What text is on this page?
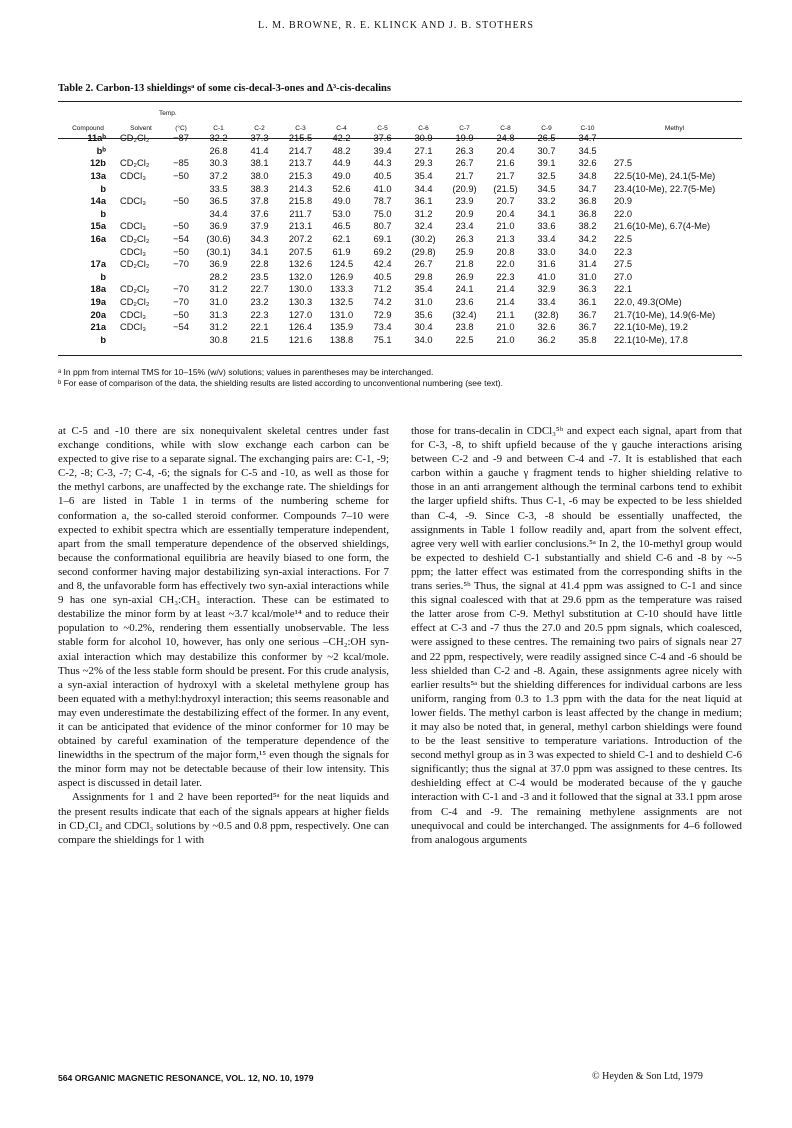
L. M. BROWNE, R. E. KLINCK AND J. B. STOTHERS
Table 2. Carbon-13 shieldingsᵃ of some cis-decal-3-ones and Δ³-cis-decalins
Temp.
Compound	Solvent	(°C)	C-1	C-2	C-3	C-4	C-5	C-6	C-7	C-8	C-9	C-10	Methyl
11aᵇ	CD₂Cl₂	−87	32.2	37.3	215.5	42.2	37.6	30.9	19.9	24.8	26.5	34.7	
bᵇ			26.8	41.4	214.7	48.2	39.4	27.1	26.3	20.4	30.7	34.5	
12b	CD₂Cl₂	−85	30.3	38.1	213.7	44.9	44.3	29.3	26.7	21.6	39.1	32.6	27.5
13a	CDCl₃	−50	37.2	38.0	215.3	49.0	40.5	35.4	21.7	21.7	32.5	34.8	22.5(10-Me), 24.1(5-Me)
b			33.5	38.3	214.3	52.6	41.0	34.4	(20.9)	(21.5)	34.5	34.7	23.4(10-Me), 22.7(5-Me)
14a	CDCl₃	−50	36.5	37.8	215.8	49.0	78.7	36.1	23.9	20.7	33.2	36.8	20.9
b			34.4	37.6	211.7	53.0	75.0	31.2	20.9	20.4	34.1	36.8	22.0
15a	CDCl₃	−50	36.9	37.9	213.1	46.5	80.7	32.4	23.4	21.0	33.6	38.2	21.6(10-Me), 6.7(4-Me)
16a	CD₂Cl₂	−54	(30.6)	34.3	207.2	62.1	69.1	(30.2)	26.3	21.3	33.4	34.2	22.5
	CDCl₃	−50	(30.1)	34.1	207.5	61.9	69.2	(29.8)	25.9	20.8	33.0	34.0	22.3
17a	CD₂Cl₂	−70	36.9	22.8	132.6	124.5	42.4	26.7	21.8	22.0	31.6	31.4	27.5
b			28.2	23.5	132.0	126.9	40.5	29.8	26.9	22.3	41.0	31.0	27.0
18a	CD₂Cl₂	−70	31.2	22.7	130.0	133.3	71.2	35.4	24.1	21.4	32.9	36.3	22.1
19a	CD₂Cl₂	−70	31.0	23.2	130.3	132.5	74.2	31.0	23.6	21.4	33.4	36.1	22.0, 49.3(OMe)
20a	CDCl₃	−50	31.3	22.3	127.0	131.0	72.9	35.6	(32.4)	21.1	(32.8)	36.7	21.7(10-Me), 14.9(6-Me)
21a	CDCl₃	−54	31.2	22.1	126.4	135.9	73.4	30.4	23.8	21.0	32.6	36.7	22.1(10-Me), 19.2
b			30.8	21.5	121.6	138.8	75.1	34.0	22.5	21.0	36.2	35.8	22.1(10-Me), 17.8
ᵃ In ppm from internal TMS for 10–15% (w/v) solutions; values in parentheses may be interchanged.
ᵇ For ease of comparison of the data, the shielding results are listed according to unconventional numbering (see text).

at C-5 and -10 there are six nonequivalent skeletal centres under fast exchange conditions, while with slow exchange each carbon can be expected to give rise to a separate signal. The exchanging pairs are: C-1, -9; C-2, -8; C-3, -7; C-4, -6; the signals for C-5 and -10, as well as those for the methyl carbons, are unaffected by the exchange rate. The shieldings for 1–6 are listed in Table 1 in terms of the numbering scheme for conformation a, the so-called steroid conformer. Compounds 7–10 were expected to exhibit spectra which are essentially temperature independent, apart from the small temperature dependence of the observed shieldings, because the conformational equilibria are heavily biased to one form, the second conformer having major destabilizing syn-axial interactions. For 7 and 8, the unfavorable form has effectively two syn-axial interactions while 9 has one syn-axial CH₃:CH₃ interaction. These can be estimated to destabilize the minor form by at least ~3.7 kcal/mole¹⁴ and to reduce their population to ~0.2%, rendering them essentially unobservable. The less stable form for alcohol 10, however, has only one serious –CH₂:OH syn-axial interaction which may destabilize this conformer by ~2 kcal/mole. Thus ~2% of the less stable form should be present. For this crude analysis, a syn-axial interaction of hydroxyl with a skeletal methylene group has been equated with a methyl:hydroxyl interaction; this seems reasonable and may even underestimate the destabilizing effect of the former. In any event, it can be anticipated that evidence of the minor conformer for 10 may be obtained by careful examination of the temperature dependence of the linewidths in the spectrum of the major form,¹⁵ even though the signals for the minor form may not be detectable because of their low intensity. This aspect is discussed in detail later.

Assignments for 1 and 2 have been reported⁵ᵃ for the neat liquids and the present results indicate that each of the signals appears at higher fields in CD₂Cl₂ and CDCl₃ solutions by ~0.5 and 0.8 ppm, respectively. One can compare the shieldings for 1 with

those for trans-decalin in CDCl₃⁵ᵇ and expect each signal, apart from that for C-3, -8, to shift upfield because of the γ gauche interactions arising between C-2 and -9 and between C-4 and -7. It is established that each carbon within a gauche γ fragment tends to higher shielding relative to those in an anti arrangement although the terminal carbons tend to exhibit the larger upfield shifts. Thus C-1, -6 may be expected to be less shielded than C-4, -9. Since C-3, -8 should be essentially unaffected, the assignments in Table 1 follow readily and, apart from the solvent effect, agree very well with earlier conclusions.⁵ᵃ In 2, the 10-methyl group would be expected to deshield C-1 substantially and shield C-6 and -8 by ~-5 ppm; the latter effect was estimated from the corresponding shifts in the trans series.⁵ᵇ Thus, the signal at 41.4 ppm was assigned to C-1 and since this signal coalesced with that at 29.6 ppm as the temperature was raised the latter arose from C-9. Methyl substitution at C-10 should have little effect at C-3 and -7 thus the 27.0 and 20.5 ppm signals, which coalesced, were assigned to these centres. The remaining two pairs of signals near 27 and 22 ppm, respectively, were readily assigned since C-4 and -6 should be less shielded than C-2 and -8. Again, these assignments agree nicely with earlier results⁵ᵃ but the shielding differences for individual carbons are less uniform, ranging from 0.3 to 1.3 ppm with the data for the neat liquid at lower fields. The methyl carbon is least affected by the change in medium; it may also be noted that, in general, methyl carbon shieldings were found to be the least sensitive to temperature variations. Introduction of the second methyl group as in 3 was expected to shield C-1 and to deshield C-6 significantly; thus the signal at 37.0 ppm was assigned to these centres. Its deshielding effect at C-4 would be moderated because of the γ gauche interaction with C-1 and -3 and it followed that the signal at 33.1 ppm arose from C-4 and -9. The remaining methylene assignments are not unequivocal and could be interchanged. The assignments for 4–6 followed from analogous arguments

564 ORGANIC MAGNETIC RESONANCE, VOL. 12, NO. 10, 1979	© Heyden & Son Ltd, 1979
